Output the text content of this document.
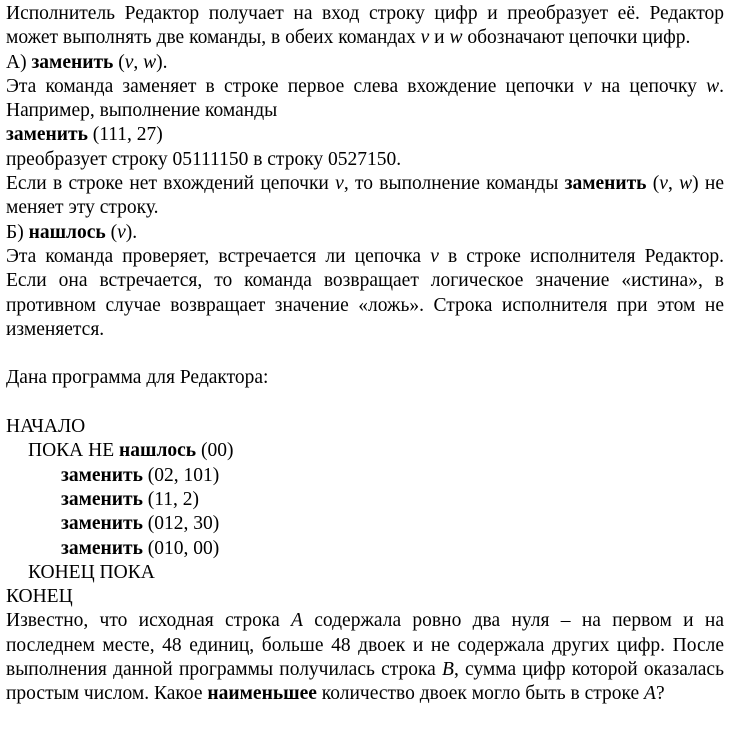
Исполнитель Редактор получает на вход строку цифр и преобразует её. Редактор может выполнять две команды, в обеих командах v и w обозначают цепочки цифр.

А) заменить (v, w).

Эта команда заменяет в строке первое слева вхождение цепочки v на цепочку w. Например, выполнение команды

заменить (111, 27)

преобразует строку 05111150 в строку 0527150.

Если в строке нет вхождений цепочки v, то выполнение команды заменить (v, w) не меняет эту строку.

Б) нашлось (v).

Эта команда проверяет, встречается ли цепочка v в строке исполнителя Редактор. Если она встречается, то команда возвращает логическое значение «истина», в противном случае возвращает значение «ложь». Строка исполнителя при этом не изменяется.

Дана программа для Редактора:

НАЧАЛО

ПОКА НЕ нашлось (00)

заменить (02, 101)

заменить (11, 2)

заменить (012, 30)

заменить (010, 00)

КОНЕЦ ПОКА

КОНЕЦ

Известно, что исходная строка A содержала ровно два нуля – на первом и на последнем месте, 48 единиц, больше 48 двоек и не содержала других цифр. После выполнения данной программы получилась строка B, сумма цифр которой оказалась простым числом. Какое наименьшее количество двоек могло быть в строке A?
